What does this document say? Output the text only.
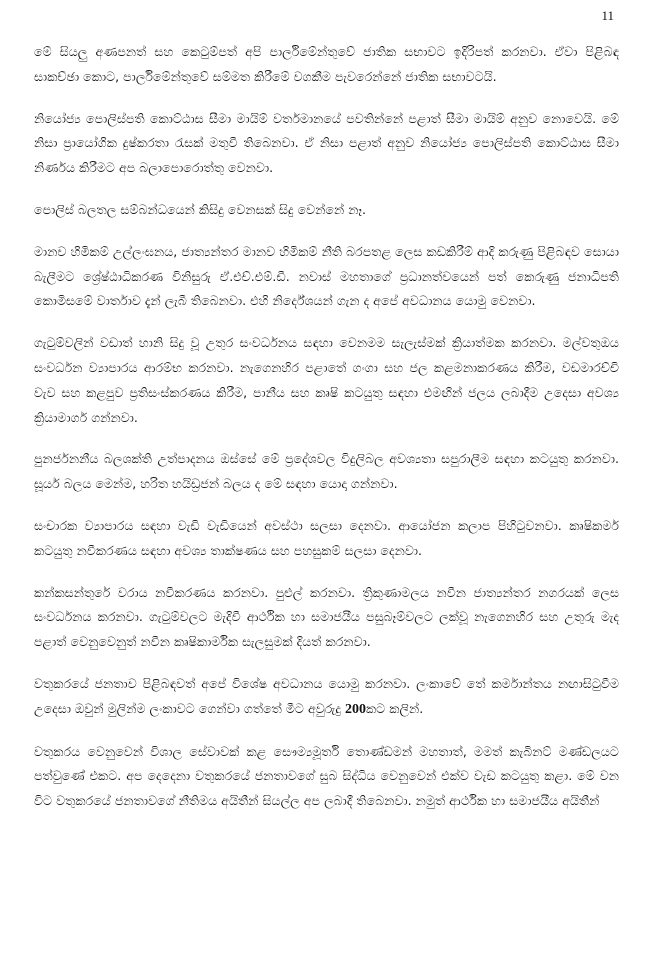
11

මේ සියලු අණපනත් සහ කෙටුම්පත් අපි පාර්ලිමේන්තුවේ ජාතික සභාවට ඉදිරිපත් කරනවා. ඒවා පිළිබඳ සාකච්ඡා කොට, පාර්ලිමේන්තුවේ සම්මත කිරීමේ වගකීම පැවරෙන්නේ ජාතික සභාවටයි.

නියෝජ්‍ය පොලිස්පති කොට්ඨාස සීමා මායිම් වර්තමානයේ පවතින්නේ පළාත් සීමා මායිම් අනුව නොවෙයි. මේ නිසා ප්‍රායෝගික දුෂ්කරතා රැසක් මතුවී තිබෙනවා. ඒ නිසා පළාත් අනුව නියෝජ්‍ය පොලිස්පති කොට්ඨාස සීමා නිර්ණය කිරීමට අප බලාපොරොත්තු වෙනවා.

පොලිස් බලතල සම්බන්ධයෙන් කිසිදු වෙනසක් සිදු වෙන්නේ නෑ.

මානව හිමිකම් උල්ලංඝනය, ජාත්‍යන්තර මානව හිමිකම් නීති බරපතළ ලෙස කඩකිරීම් ආදි කරුණු පිළිබඳව සොයා බැලීමට ශ්‍රේෂ්ඨාධිකරණ විනිසුරු ඒ.එච්.එම්.ඩී. නවාස් මහතාගේ ප්‍රධානත්වයෙන් පත් කෙරුණු ජනාධිපති කොමිසමේ වාර්තාව දැන් ලැබී තිබෙනවා. එහි නිර්දේශයන් ගැන ද අපේ අවධානය යොමු වෙනවා.

ගැටුම්වලින් වඩාත් හානි සිදු වූ උතුර සංවර්ධනය සඳහා වෙනමම සැලැස්මක් ක්‍රියාත්මක කරනවා. මල්වතුඔය සංවර්ධන ව්‍යාපාරය ආරම්භ කරනවා. නැගෙනහිර පළාතේ ගංගා සහ ජල කළමනාකරණය කිරීම, වඩමාරච්චි වැව සහ කළපුව ප්‍රතිසංස්කරණය කිරීම, පානීය සහ කෘෂි කටයුතු සඳහා එමඟින් ජලය ලබාදීම උදෙසා අවශ්‍ය ක්‍රියාමාර්ග ගන්නවා.

පුනර්ජනනීය බලශක්ති උත්පාදනය ඔස්සේ මේ ප්‍රදේශවල විදුලිබල අවශ්‍යතා සපුරාලීම සඳහා කටයුතු කරනවා. සූර්ය බලය මෙන්ම, හරිත හයිඩ්‍රජන් බලය ද මේ සඳහා යොදා ගන්නවා.

සංචාරක ව්‍යාපාරය සඳහා වැඩි වැඩියෙන් අවස්ථා සලසා දෙනවා. ආයෝජන කලාප පිහිටුවනවා. කෘෂිකර්ම කටයුතු නවීකරණය සඳහා අවශ්‍ය තාක්ෂණය සහ පහසුකම් සලසා දෙනවා.

කන්කසන්තුරේ වරාය නවීකරණය කරනවා. පුළුල් කරනවා. ත්‍රිකුණාමලය නවීන ජාත්‍යන්තර නගරයක් ලෙස සංවර්ධනය කරනවා. ගැටුම්වලට මැදිවී ආර්ථික හා සමාජයීය පසුබෑම්වලට ලක්වූ නැගෙනහිර සහ උතුරු මැද පළාත් වෙනුවෙනුත් නවීන කෘෂිකාර්මික සැලසුමක් දියත් කරනවා.

වතුකරයේ ජනතාව පිළිබඳවත් අපේ විශේෂ අවධානය යොමු කරනවා. ලංකාවේ තේ කර්මාන්තය නඟාසිටුවීම උදෙසා ඔවුන් මුලින්ම ලංකාවට ගෙන්වා ගත්තේ මීට අවුරුදු 200කට කලින්.

වතුකරය වෙනුවෙන් විශාල සේවාවක් කළ සෞම්‍යමූර්ති තොණ්ඩමන් මහතාත්, මමත් කැබිනට් මණ්ඩලයට පත්වුණේ එකට. අප දෙදෙනා වතුකරයේ ජනතාවගේ සුබ සිද්ධිය වෙනුවෙන් එක්ව වැඩ කටයුතු කළා. මේ වන විට වතුකරයේ ජනතාවගේ නීතිමය අයිතීන් සියල්ල අප ලබාදී තිබෙනවා. නමුත් ආර්ථික හා සමාජයීය අයිතීන්
